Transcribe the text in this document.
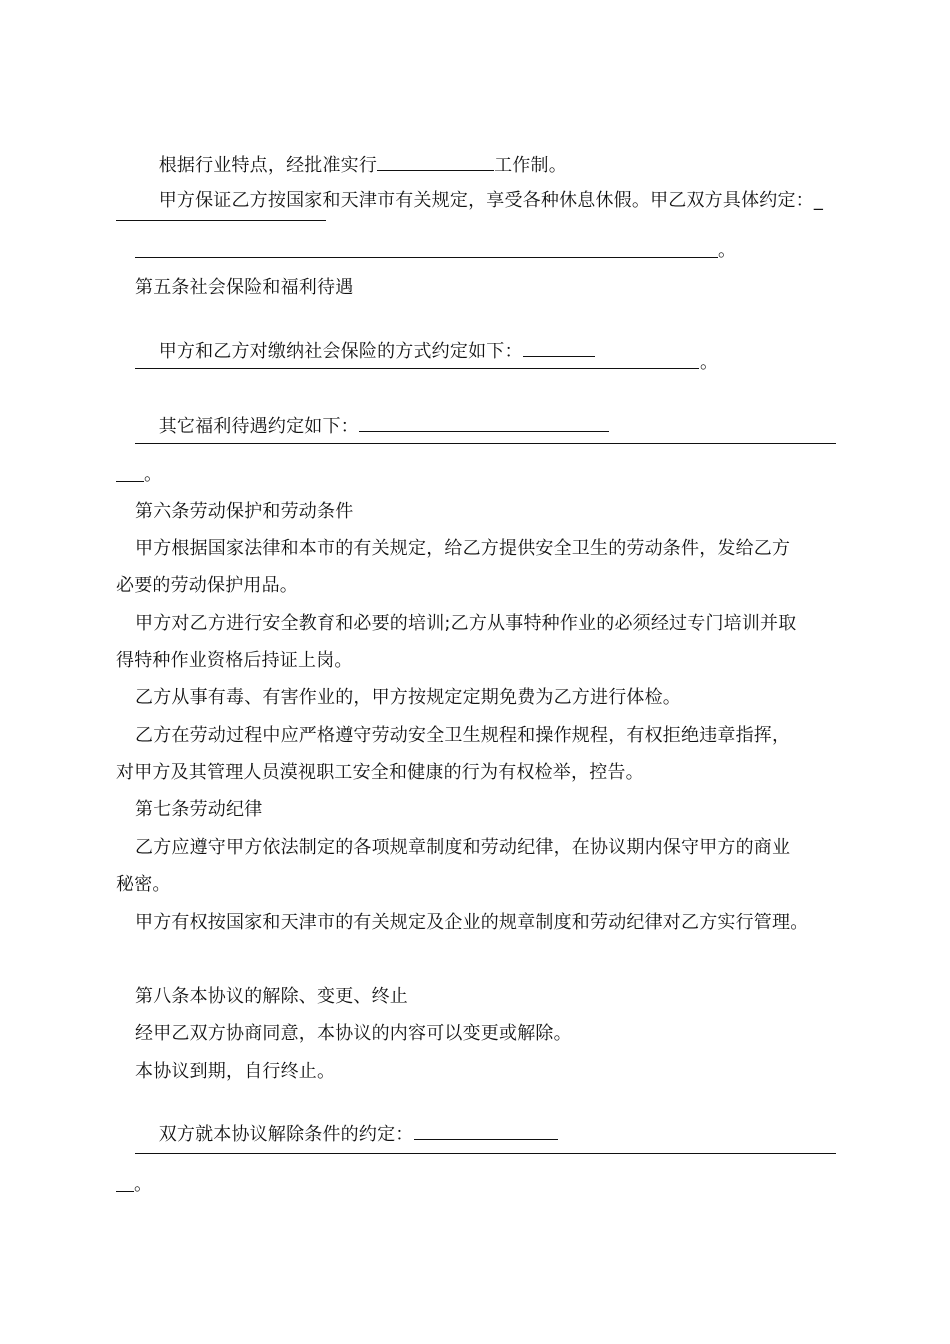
根据行业特点，经批准实行	工作制。

甲方保证乙方按国家和天津市有关规定，享受各种休息休假。甲乙双方具体约定：_

。
第五条社会保险和福利待遇

甲方和乙方对缴纳社会保险的方式约定如下：

。

其它福利待遇约定如下：

。
第六条劳动保护和劳动条件
甲方根据国家法律和本市的有关规定，给乙方提供安全卫生的劳动条件，发给乙方
必要的劳动保护用品。
甲方对乙方进行安全教育和必要的培训;乙方从事特种作业的必须经过专门培训并取
得特种作业资格后持证上岗。
乙方从事有毒、有害作业的，甲方按规定定期免费为乙方进行体检。
乙方在劳动过程中应严格遵守劳动安全卫生规程和操作规程，有权拒绝违章指挥，
对甲方及其管理人员漠视职工安全和健康的行为有权检举，控告。
第七条劳动纪律
乙方应遵守甲方依法制定的各项规章制度和劳动纪律，在协议期内保守甲方的商业
秘密。
甲方有权按国家和天津市的有关规定及企业的规章制度和劳动纪律对乙方实行管理。
第八条本协议的解除、变更、终止
经甲乙双方协商同意，本协议的内容可以变更或解除。
本协议到期，自行终止。

双方就本协议解除条件的约定：

。
